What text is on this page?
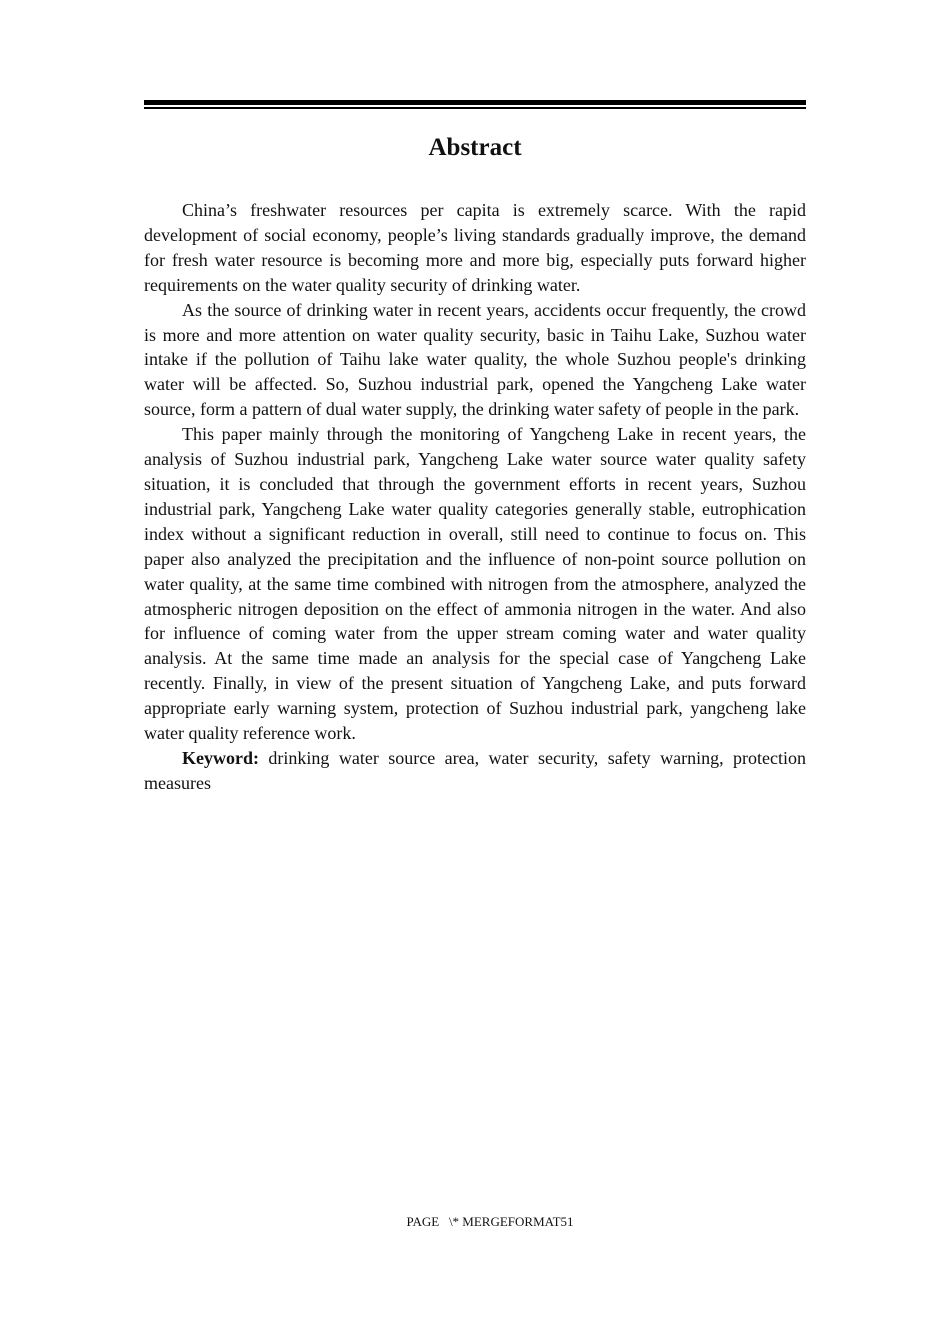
Abstract

China’s freshwater resources per capita is extremely scarce. With the rapid development of social economy, people’s living standards gradually improve, the demand for fresh water resource is becoming more and more big, especially puts forward higher requirements on the water quality security of drinking water.

As the source of drinking water in recent years, accidents occur frequently, the crowd is more and more attention on water quality security, basic in Taihu Lake, Suzhou water intake if the pollution of Taihu lake water quality, the whole Suzhou people's drinking water will be affected. So, Suzhou industrial park, opened the Yangcheng Lake water source, form a pattern of dual water supply, the drinking water safety of people in the park.

This paper mainly through the monitoring of Yangcheng Lake in recent years, the analysis of Suzhou industrial park, Yangcheng Lake water source water quality safety situation, it is concluded that through the government efforts in recent years, Suzhou industrial park, Yangcheng Lake water quality categories generally stable, eutrophication index without a significant reduction in overall, still need to continue to focus on. This paper also analyzed the precipitation and the influence of non-point source pollution on water quality, at the same time combined with nitrogen from the atmosphere, analyzed the atmospheric nitrogen deposition on the effect of ammonia nitrogen in the water. And also for influence of coming water from the upper stream coming water and water quality analysis. At the same time made an analysis for the special case of Yangcheng Lake recently. Finally, in view of the present situation of Yangcheng Lake, and puts forward appropriate early warning system, protection of Suzhou industrial park, yangcheng lake water quality reference work.

Keyword: drinking water source area, water security, safety warning, protection measures

PAGE   \* MERGEFORMAT51
